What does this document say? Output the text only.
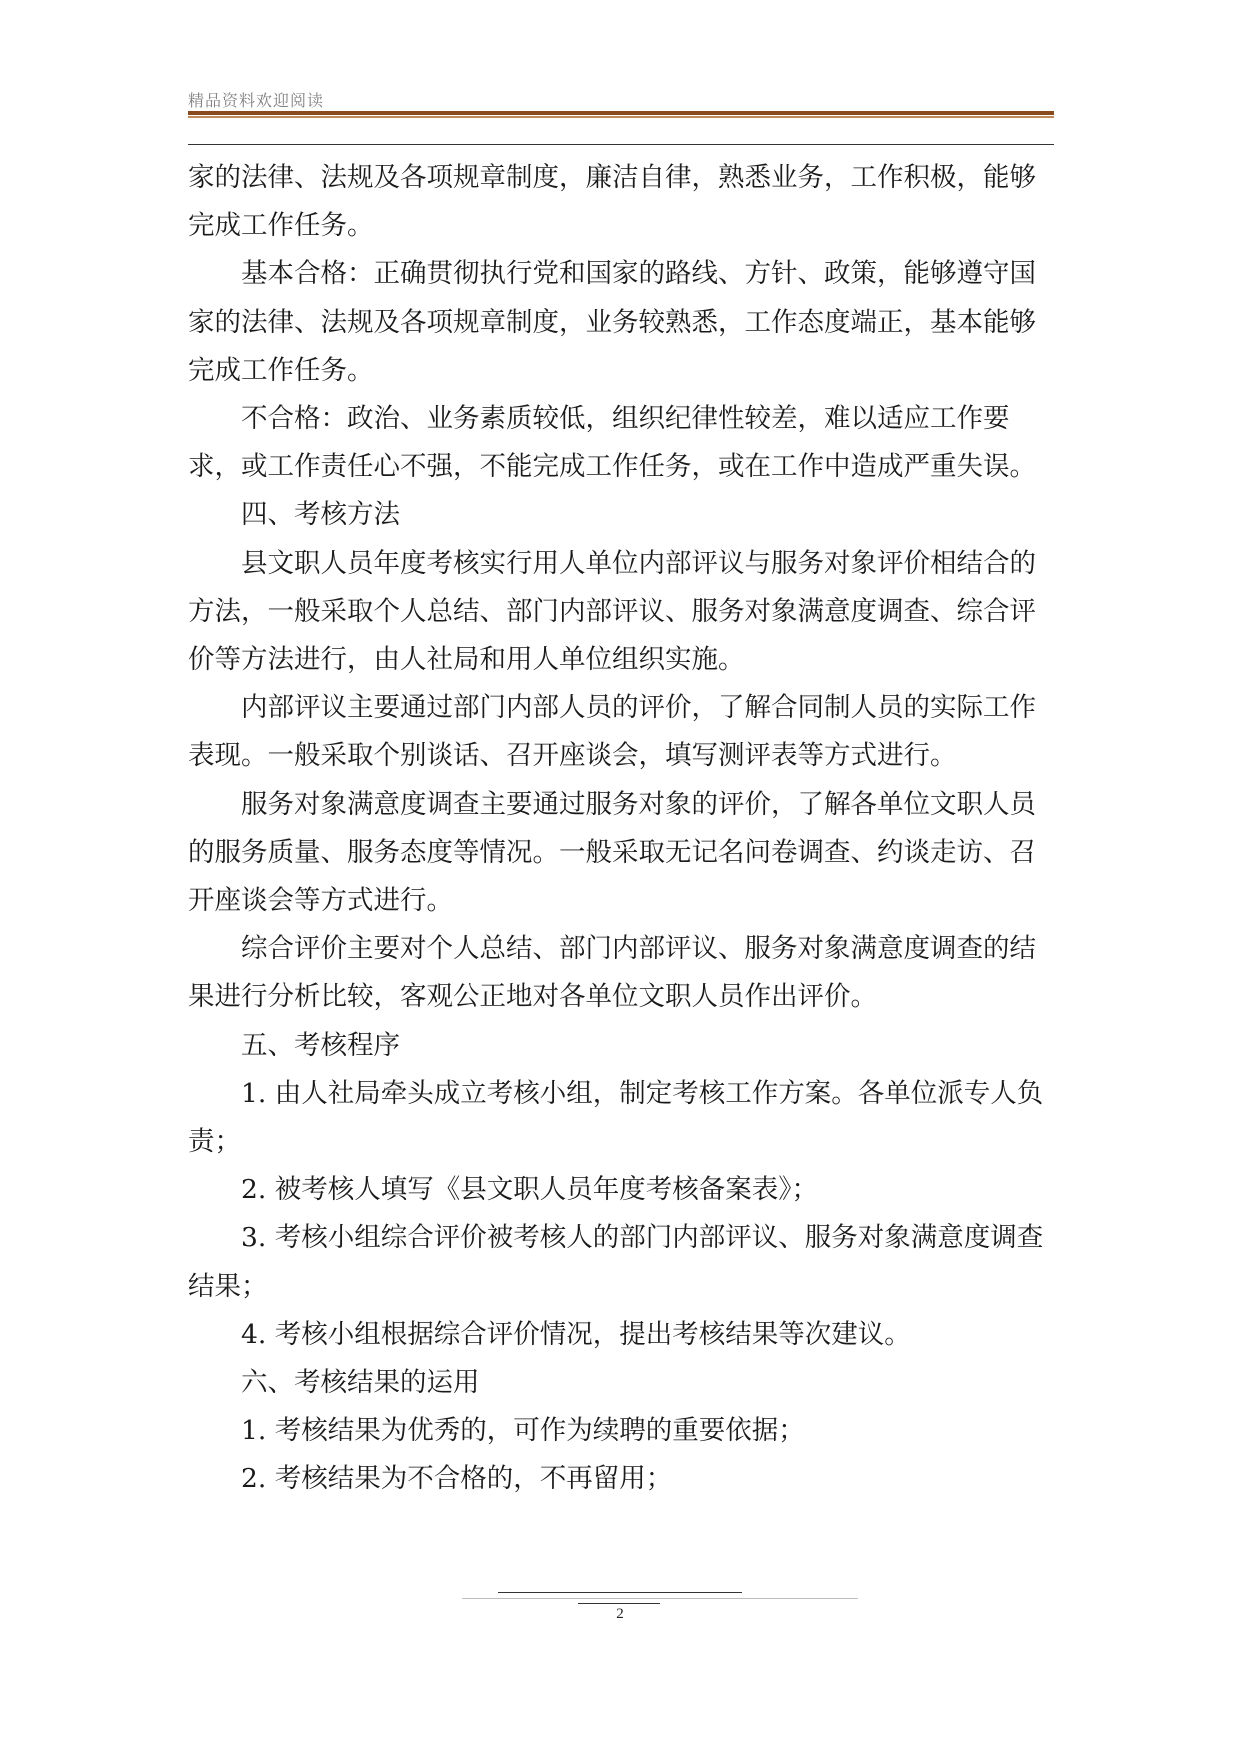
精品资料欢迎阅读

家的法律、法规及各项规章制度，廉洁自律，熟悉业务，工作积极，能够完成工作任务。

基本合格：正确贯彻执行党和国家的路线、方针、政策，能够遵守国家的法律、法规及各项规章制度，业务较熟悉，工作态度端正，基本能够完成工作任务。

不合格：政治、业务素质较低，组织纪律性较差，难以适应工作要求，或工作责任心不强，不能完成工作任务，或在工作中造成严重失误。

四、考核方法

县文职人员年度考核实行用人单位内部评议与服务对象评价相结合的方法，一般采取个人总结、部门内部评议、服务对象满意度调查、综合评价等方法进行，由人社局和用人单位组织实施。

内部评议主要通过部门内部人员的评价，了解合同制人员的实际工作表现。一般采取个别谈话、召开座谈会，填写测评表等方式进行。

服务对象满意度调查主要通过服务对象的评价，了解各单位文职人员的服务质量、服务态度等情况。一般采取无记名问卷调查、约谈走访、召开座谈会等方式进行。

综合评价主要对个人总结、部门内部评议、服务对象满意度调查的结果进行分析比较，客观公正地对各单位文职人员作出评价。

五、考核程序

1. 由人社局牵头成立考核小组，制定考核工作方案。各单位派专人负责；

2. 被考核人填写《县文职人员年度考核备案表》；

3. 考核小组综合评价被考核人的部门内部评议、服务对象满意度调查结果；

4. 考核小组根据综合评价情况，提出考核结果等次建议。

六、考核结果的运用

1. 考核结果为优秀的，可作为续聘的重要依据；

2. 考核结果为不合格的，不再留用；

2
